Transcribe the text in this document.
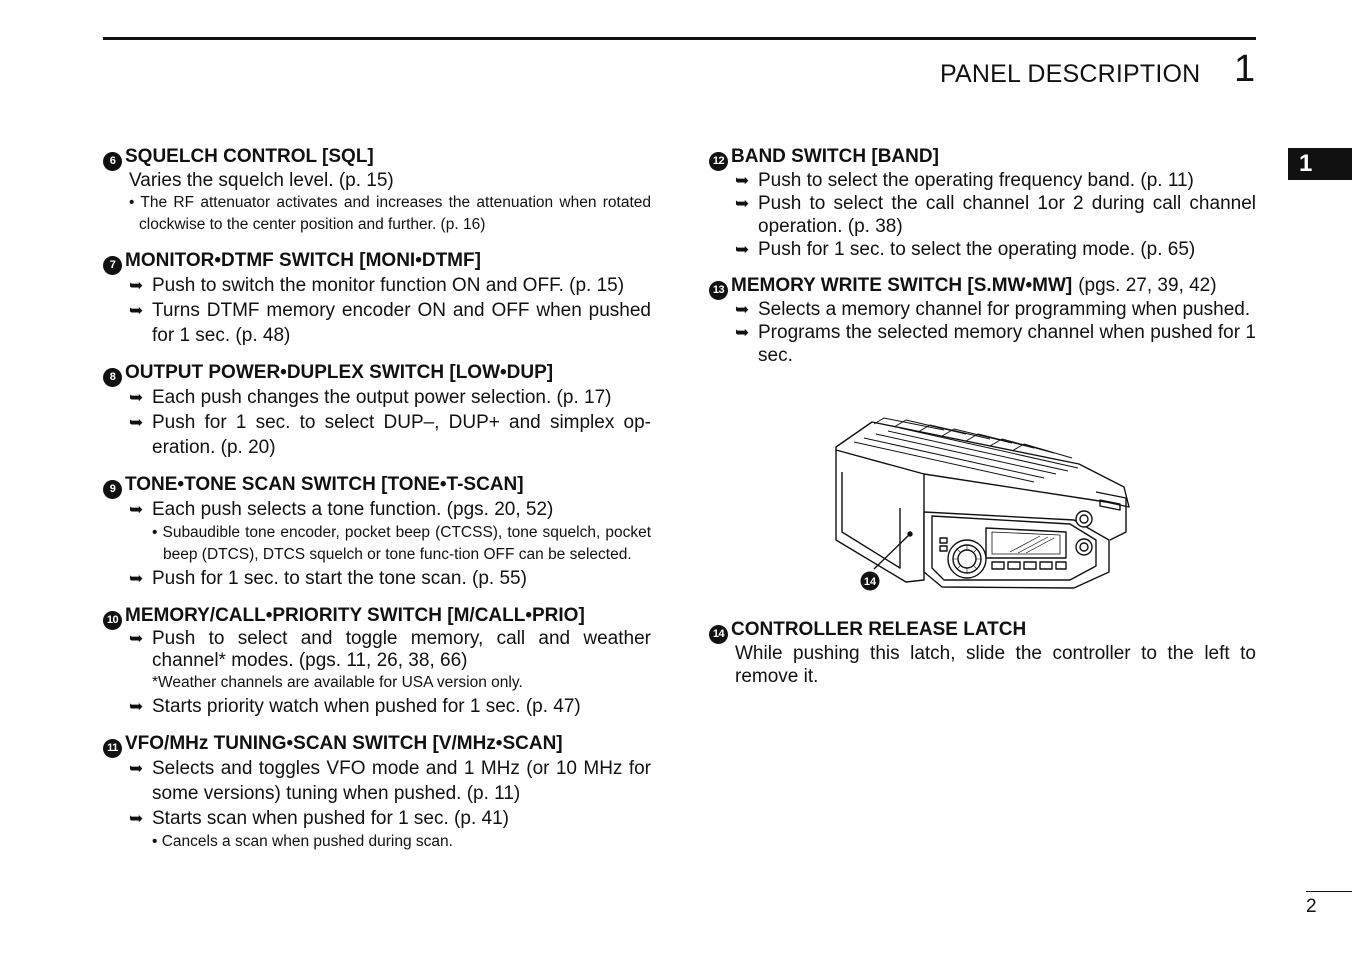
PANEL DESCRIPTION 1
1
6 SQUELCH CONTROL [SQL]
Varies the squelch level. (p. 15)
• The RF attenuator activates and increases the attenuation when rotated clockwise to the center position and further. (p. 16)
7 MONITOR•DTMF SWITCH [MONI•DTMF]
➥ Push to switch the monitor function ON and OFF. (p. 15)
➥ Turns DTMF memory encoder ON and OFF when pushed for 1 sec. (p. 48)
8 OUTPUT POWER•DUPLEX SWITCH [LOW•DUP]
➥ Each push changes the output power selection. (p. 17)
➥ Push for 1 sec. to select DUP–, DUP+ and simplex op-eration. (p. 20)
9 TONE•TONE SCAN SWITCH [TONE•T-SCAN]
➥ Each push selects a tone function. (pgs. 20, 52)
• Subaudible tone encoder, pocket beep (CTCSS), tone squelch, pocket beep (DTCS), DTCS squelch or tone func-tion OFF can be selected.
➥ Push for 1 sec. to start the tone scan. (p. 55)
10 MEMORY/CALL•PRIORITY SWITCH [M/CALL•PRIO]
➥ Push to select and toggle memory, call and weather channel* modes. (pgs. 11, 26, 38, 66)
*Weather channels are available for USA version only.
➥ Starts priority watch when pushed for 1 sec. (p. 47)
11 VFO/MHz TUNING•SCAN SWITCH [V/MHz•SCAN]
➥ Selects and toggles VFO mode and 1 MHz (or 10 MHz for some versions) tuning when pushed. (p. 11)
➥ Starts scan when pushed for 1 sec. (p. 41)
• Cancels a scan when pushed during scan.
12 BAND SWITCH [BAND]
➥ Push to select the operating frequency band. (p. 11)
➥ Push to select the call channel 1or 2 during call channel operation. (p. 38)
➥ Push for 1 sec. to select the operating mode. (p. 65)
13 MEMORY WRITE SWITCH [S.MW•MW] (pgs. 27, 39, 42)
➥ Selects a memory channel for programming when pushed.
➥ Programs the selected memory channel when pushed for 1 sec.
14 CONTROLLER RELEASE LATCH
While pushing this latch, slide the controller to the left to remove it.
14
2
